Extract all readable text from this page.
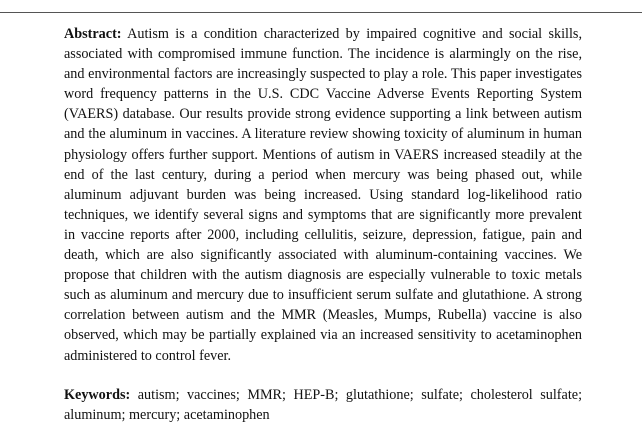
Abstract: Autism is a condition characterized by impaired cognitive and social skills, associated with compromised immune function. The incidence is alarmingly on the rise, and environmental factors are increasingly suspected to play a role. This paper investigates word frequency patterns in the U.S. CDC Vaccine Adverse Events Reporting System (VAERS) database. Our results provide strong evidence supporting a link between autism and the aluminum in vaccines. A literature review showing toxicity of aluminum in human physiology offers further support. Mentions of autism in VAERS increased steadily at the end of the last century, during a period when mercury was being phased out, while aluminum adjuvant burden was being increased. Using standard log-likelihood ratio techniques, we identify several signs and symptoms that are significantly more prevalent in vaccine reports after 2000, including cellulitis, seizure, depression, fatigue, pain and death, which are also significantly associated with aluminum-containing vaccines. We propose that children with the autism diagnosis are especially vulnerable to toxic metals such as aluminum and mercury due to insufficient serum sulfate and glutathione. A strong correlation between autism and the MMR (Measles, Mumps, Rubella) vaccine is also observed, which may be partially explained via an increased sensitivity to acetaminophen administered to control fever.

Keywords: autism; vaccines; MMR; HEP-B; glutathione; sulfate; cholesterol sulfate; aluminum; mercury; acetaminophen
